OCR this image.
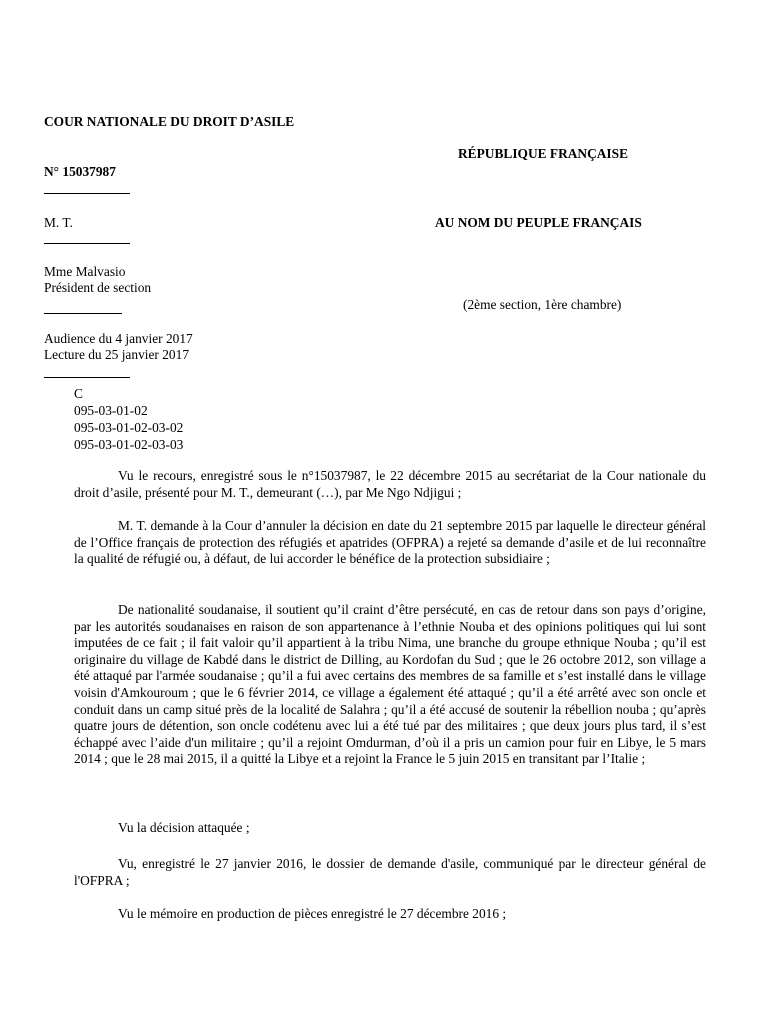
COUR NATIONALE DU DROIT D’ASILE
RÉPUBLIQUE FRANÇAISE
N° 15037987
M. T.	AU NOM DU PEUPLE FRANÇAIS
Mme Malvasio
Président de section
(2ème section, 1ère chambre)
Audience du 4 janvier 2017
Lecture du 25 janvier 2017
C
095-03-01-02
095-03-01-02-03-02
095-03-01-02-03-03
Vu le recours, enregistré sous le n°15037987, le 22 décembre 2015 au secrétariat de la Cour nationale du droit d’asile, présenté pour M. T., demeurant (…), par Me Ngo Ndjigui ;
M. T. demande à la Cour d’annuler la décision en date du 21 septembre 2015 par laquelle le directeur général de l’Office français de protection des réfugiés et apatrides (OFPRA) a rejeté sa demande d’asile et de lui reconnaître la qualité de réfugié ou, à défaut, de lui accorder le bénéfice de la protection subsidiaire ;
De nationalité soudanaise, il soutient qu’il craint d’être persécuté, en cas de retour dans son pays d’origine, par les autorités soudanaises en raison de son appartenance à l’ethnie Nouba et des opinions politiques qui lui sont imputées de ce fait ; il fait valoir qu’il appartient à la tribu Nima, une branche du groupe ethnique Nouba ; qu’il est originaire du village de Kabdé dans le district de Dilling, au Kordofan du Sud ; que le 26 octobre 2012, son village a été attaqué par l'armée soudanaise ; qu’il a fui avec certains des membres de sa famille et s’est installé dans le village voisin d'Amkouroum ; que le 6 février 2014, ce village a également été attaqué ; qu’il a été arrêté avec son oncle et conduit dans un camp situé près de la localité de Salahra ; qu’il a été accusé de soutenir la rébellion nouba ; qu’après quatre jours de détention, son oncle codétenu avec lui a été tué par des militaires ; que deux jours plus tard, il s’est échappé avec l’aide d'un militaire ; qu’il a rejoint Omdurman, d’où il a pris un camion pour fuir en Libye, le 5 mars 2014 ; que le 28 mai 2015, il a quitté la Libye et a rejoint la France le 5 juin 2015 en transitant par l’Italie ;
Vu la décision attaquée ;
Vu, enregistré le 27 janvier 2016, le dossier de demande d'asile, communiqué par le directeur général de l'OFPRA ;
Vu le mémoire en production de pièces enregistré le 27 décembre 2016 ;
